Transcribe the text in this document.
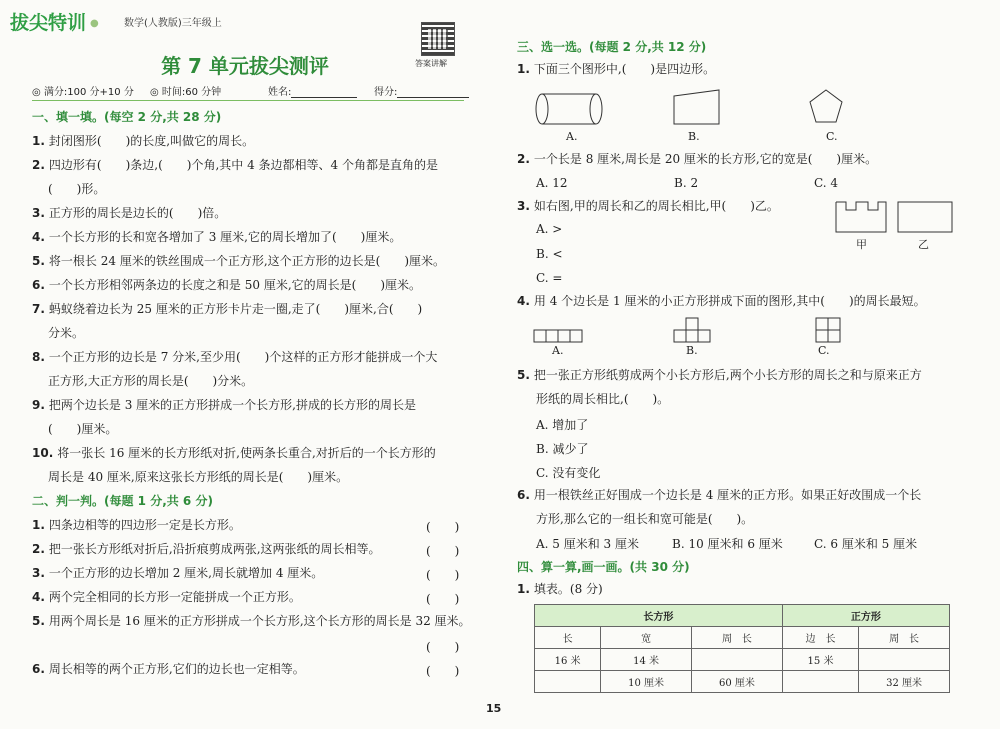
拔尖特训 ●	数学(人教版)三年级上
答案讲解
第 7 单元拔尖测评
◎ 满分:100 分+10 分 ◎ 时间:60 分钟	姓名:	得分:
一、填一填。(每空 2 分,共 28 分)
1. 封闭图形(　　)的长度,叫做它的周长。
2. 四边形有(　　)条边,(　　)个角,其中 4 条边都相等、4 个角都是直角的是
(　　)形。
3. 正方形的周长是边长的(　　)倍。
4. 一个长方形的长和宽各增加了 3 厘米,它的周长增加了(　　)厘米。
5. 将一根长 24 厘米的铁丝围成一个正方形,这个正方形的边长是(　　)厘米。
6. 一个长方形相邻两条边的长度之和是 50 厘米,它的周长是(　　)厘米。
7. 蚂蚁绕着边长为 25 厘米的正方形卡片走一圈,走了(　　)厘米,合(　　)
分米。
8. 一个正方形的边长是 7 分米,至少用(　　)个这样的正方形才能拼成一个大
正方形,大正方形的周长是(　　)分米。
9. 把两个边长是 3 厘米的正方形拼成一个长方形,拼成的长方形的周长是
(　　)厘米。
10. 将一张长 16 厘米的长方形纸对折,使两条长重合,对折后的一个长方形的
周长是 40 厘米,原来这张长方形纸的周长是(　　)厘米。
二、判一判。(每题 1 分,共 6 分)
1. 四条边相等的四边形一定是长方形。	(　　)
2. 把一张长方形纸对折后,沿折痕剪成两张,这两张纸的周长相等。	(　　)
3. 一个正方形的边长增加 2 厘米,周长就增加 4 厘米。	(　　)
4. 两个完全相同的长方形一定能拼成一个正方形。	(　　)
5. 用两个周长是 16 厘米的正方形拼成一个长方形,这个长方形的周长是 32 厘米。
(　　)
6. 周长相等的两个正方形,它们的边长也一定相等。	(　　)
三、选一选。(每题 2 分,共 12 分)
1. 下面三个图形中,(　　)是四边形。
A.	B.	C.
2. 一个长是 8 厘米,周长是 20 厘米的长方形,它的宽是(　　)厘米。
A. 12	B. 2	C. 4
3. 如右图,甲的周长和乙的周长相比,甲(　　)乙。
A. >
B. <
C. =
甲	乙
4. 用 4 个边长是 1 厘米的小正方形拼成下面的图形,其中(　　)的周长最短。
A.	B.	C.
5. 把一张正方形纸剪成两个小长方形后,两个小长方形的周长之和与原来正方
形纸的周长相比,(　　)。
A. 增加了
B. 减少了
C. 没有变化
6. 用一根铁丝正好围成一个边长是 4 厘米的正方形。如果正好改围成一个长
方形,那么它的一组长和宽可能是(　　)。
A. 5 厘米和 3 厘米	B. 10 厘米和 6 厘米	C. 6 厘米和 5 厘米
四、算一算,画一画。(共 30 分)
1. 填表。(8 分)
长方形			正方形	
长	宽	周　长	边　长	周　长
16 米	14 米		15 米	
	10 厘米	60 厘米		32 厘米
15
